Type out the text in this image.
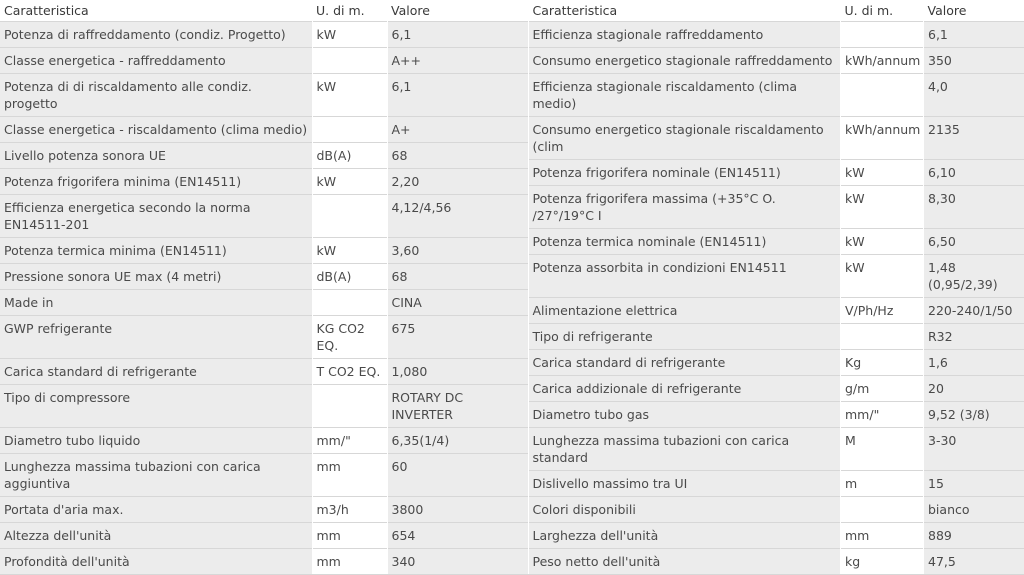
Caratteristica	U. di m.	Valore
Potenza di raffreddamento (condiz. Progetto)	kW	6,1
Classe energetica - raffreddamento		A++
Potenza di di riscaldamento alle condiz. progetto	kW	6,1
Classe energetica - riscaldamento (clima medio)		A+
Livello potenza sonora UE	dB(A)	68
Potenza frigorifera minima (EN14511)	kW	2,20
Efficienza energetica secondo la norma EN14511-201		4,12/4,56
Potenza termica minima (EN14511)	kW	3,60
Pressione sonora UE max (4 metri)	dB(A)	68
Made in		CINA
GWP refrigerante	KG CO2 EQ.	675
Carica standard di refrigerante	T CO2 EQ.	1,080
Tipo di compressore		ROTARY DC INVERTER
Diametro tubo liquido	mm/"	6,35(1/4)
Lunghezza massima tubazioni con carica aggiuntiva	mm	60
Portata d'aria max.	m3/h	3800
Altezza dell'unità	mm	654
Profondità dell'unità	mm	340
Caratteristica	U. di m.	Valore
Efficienza stagionale raffreddamento		6,1
Consumo energetico stagionale raffreddamento	kWh/annum	350
Efficienza stagionale riscaldamento (clima medio)		4,0
Consumo energetico stagionale riscaldamento (clim	kWh/annum	2135
Potenza frigorifera nominale (EN14511)	kW	6,10
Potenza frigorifera massima (+35°C O. /27°/19°C I	kW	8,30
Potenza termica nominale (EN14511)	kW	6,50
Potenza assorbita in condizioni EN14511	kW	1,48 (0,95/2,39)
Alimentazione elettrica	V/Ph/Hz	220-240/1/50
Tipo di refrigerante		R32
Carica standard di refrigerante	Kg	1,6
Carica addizionale di refrigerante	g/m	20
Diametro tubo gas	mm/"	9,52 (3/8)
Lunghezza massima tubazioni con carica standard	M	3-30
Dislivello massimo tra UI	m	15
Colori disponibili		bianco
Larghezza dell'unità	mm	889
Peso netto dell'unità	kg	47,5
